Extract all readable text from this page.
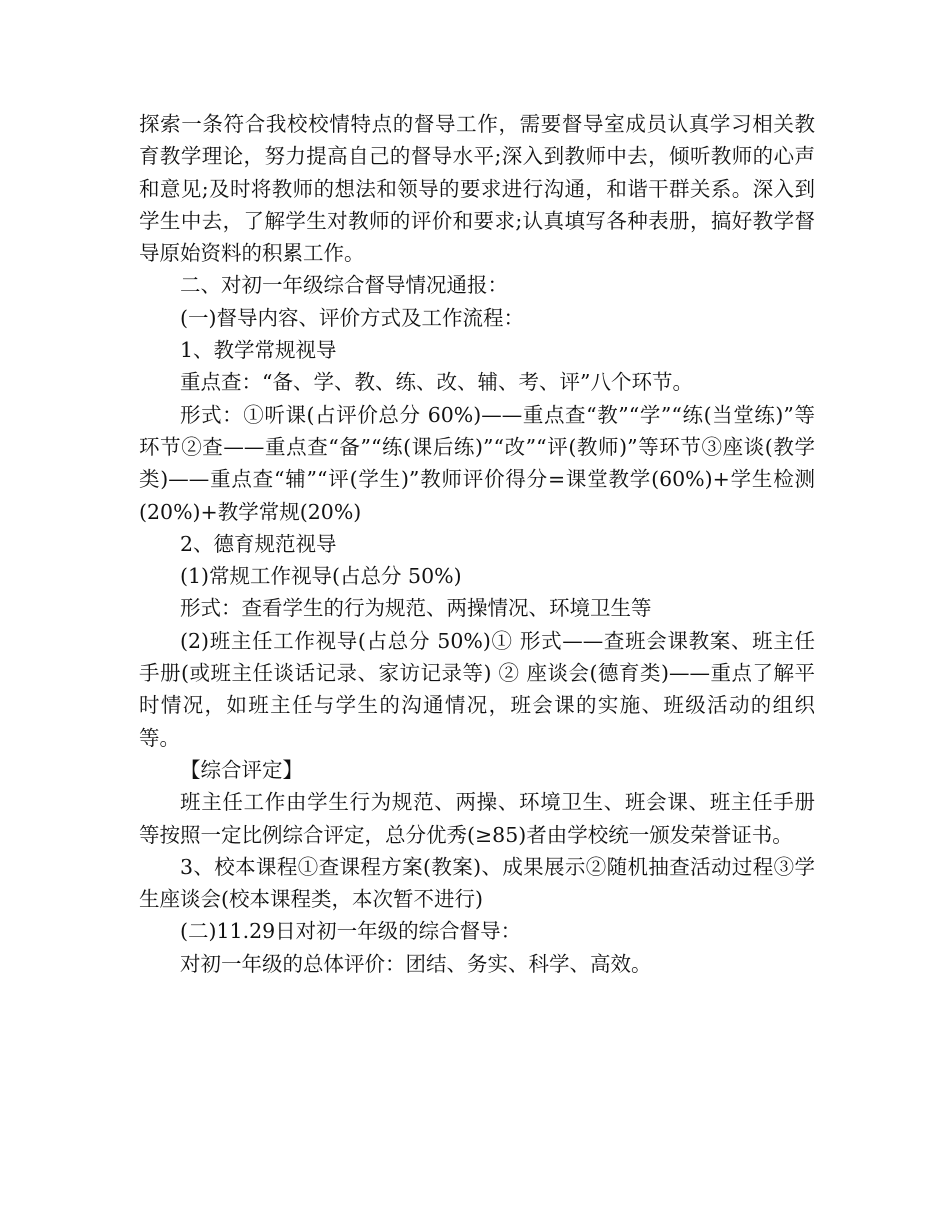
探索一条符合我校校情特点的督导工作，需要督导室成员认真学习相关教育教学理论，努力提高自己的督导水平;深入到教师中去，倾听教师的心声和意见;及时将教师的想法和领导的要求进行沟通，和谐干群关系。深入到学生中去，了解学生对教师的评价和要求;认真填写各种表册，搞好教学督导原始资料的积累工作。

二、对初一年级综合督导情况通报：

(一)督导内容、评价方式及工作流程：

1、教学常规视导

重点查：“备、学、教、练、改、辅、考、评”八个环节。

形式：①听课(占评价总分 60%)——重点查“教”“学”“练(当堂练)”等环节②查——重点查“备”“练(课后练)”“改”“评(教师)”等环节③座谈(教学类)——重点查“辅”“评(学生)”教师评价得分=课堂教学(60%)+学生检测(20%)+教学常规(20%)

2、德育规范视导

(1)常规工作视导(占总分 50%)

形式：查看学生的行为规范、两操情况、环境卫生等

(2)班主任工作视导(占总分 50%)① 形式——查班会课教案、班主任手册(或班主任谈话记录、家访记录等) ② 座谈会(德育类)——重点了解平时情况，如班主任与学生的沟通情况，班会课的实施、班级活动的组织等。

【综合评定】

班主任工作由学生行为规范、两操、环境卫生、班会课、班主任手册等按照一定比例综合评定，总分优秀(≥85)者由学校统一颁发荣誉证书。

3、校本课程①查课程方案(教案)、成果展示②随机抽查活动过程③学生座谈会(校本课程类，本次暂不进行)

(二)11.29日对初一年级的综合督导：

对初一年级的总体评价：团结、务实、科学、高效。
